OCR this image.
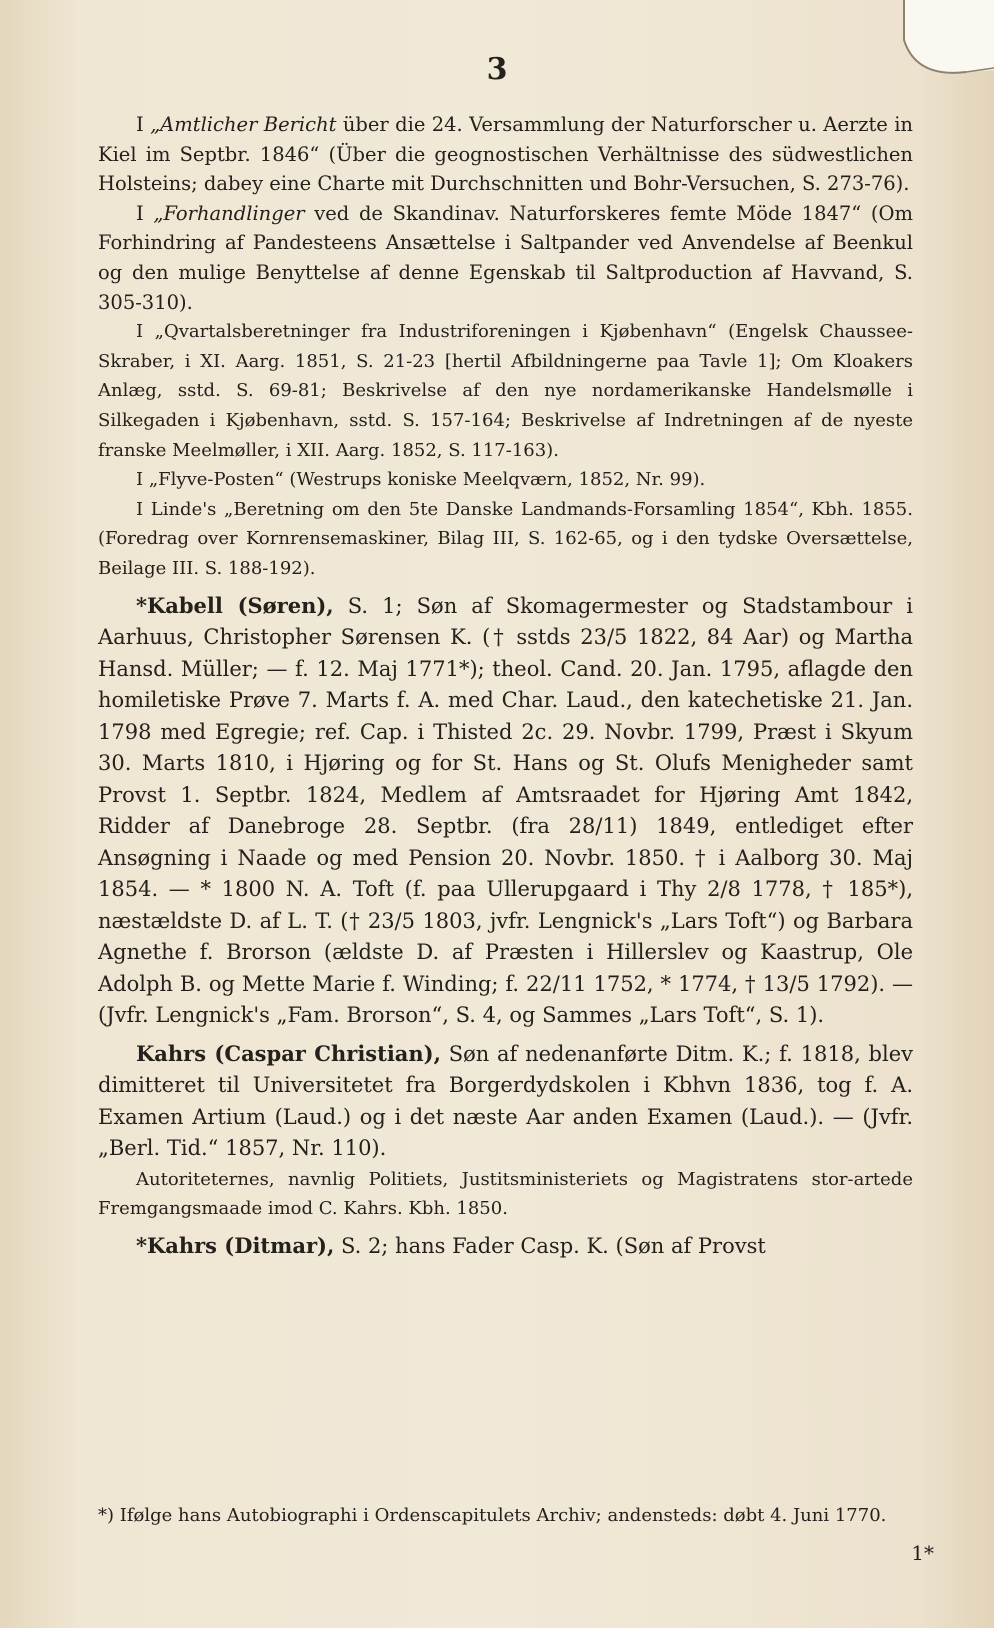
3

I „Amtlicher Bericht über die 24. Versammlung der Naturforscher u. Aerzte in Kiel im Septbr. 1846“ (Über die geognostischen Verhältnisse des südwestlichen Holsteins; dabey eine Charte mit Durchschnitten und Bohr-Versuchen, S. 273-76).

I „Forhandlinger ved de Skandinav. Naturforskeres femte Möde 1847“ (Om Forhindring af Pandesteens Ansættelse i Saltpander ved Anvendelse af Beenkul og den mulige Benyttelse af denne Egenskab til Saltproduction af Havvand, S. 305-310).

I „Qvartalsberetninger fra Industriforeningen i Kjøbenhavn“ (Engelsk Chaussee-Skraber, i XI. Aarg. 1851, S. 21-23 [hertil Afbildningerne paa Tavle 1]; Om Kloakers Anlæg, sstd. S. 69-81; Beskrivelse af den nye nordamerikanske Handelsmølle i Silkegaden i Kjøbenhavn, sstd. S. 157-164; Beskrivelse af Indretningen af de nyeste franske Meelmøller, i XII. Aarg. 1852, S. 117-163).

I „Flyve-Posten“ (Westrups koniske Meelqværn, 1852, Nr. 99).

I Linde's „Beretning om den 5te Danske Landmands-Forsamling 1854“, Kbh. 1855. (Foredrag over Kornrensemaskiner, Bilag III, S. 162-65, og i den tydske Oversættelse, Beilage III. S. 188-192).

*Kabell (Søren), S. 1; Søn af Skomagermester og Stadstambour i Aarhuus, Christopher Sørensen K. († sstds 23/5 1822, 84 Aar) og Martha Hansd. Müller; — f. 12. Maj 1771*); theol. Cand. 20. Jan. 1795, aflagde den homiletiske Prøve 7. Marts f. A. med Char. Laud., den katechetiske 21. Jan. 1798 med Egregie; ref. Cap. i Thisted 2c. 29. Novbr. 1799, Præst i Skyum 30. Marts 1810, i Hjøring og for St. Hans og St. Olufs Menigheder samt Provst 1. Septbr. 1824, Medlem af Amtsraadet for Hjøring Amt 1842, Ridder af Danebroge 28. Septbr. (fra 28/11) 1849, entlediget efter Ansøgning i Naade og med Pension 20. Novbr. 1850. † i Aalborg 30. Maj 1854. — * 1800 N. A. Toft (f. paa Ullerupgaard i Thy 2/8 1778, † 185*), næstældste D. af L. T. († 23/5 1803, jvfr. Lengnick's „Lars Toft“) og Barbara Agnethe f. Brorson (ældste D. af Præsten i Hillerslev og Kaastrup, Ole Adolph B. og Mette Marie f. Winding; f. 22/11 1752, * 1774, † 13/5 1792). — (Jvfr. Lengnick's „Fam. Brorson“, S. 4, og Sammes „Lars Toft“, S. 1).

Kahrs (Caspar Christian), Søn af nedenanførte Ditm. K.; f. 1818, blev dimitteret til Universitetet fra Borgerdydskolen i Kbhvn 1836, tog f. A. Examen Artium (Laud.) og i det næste Aar anden Examen (Laud.). — (Jvfr. „Berl. Tid.“ 1857, Nr. 110).

Autoriteternes, navnlig Politiets, Justitsministeriets og Magistratens stor-artede Fremgangsmaade imod C. Kahrs. Kbh. 1850.

*Kahrs (Ditmar), S. 2; hans Fader Casp. K. (Søn af Provst

*) Ifølge hans Autobiographi i Ordenscapitulets Archiv; andensteds: døbt 4. Juni 1770.
1*
